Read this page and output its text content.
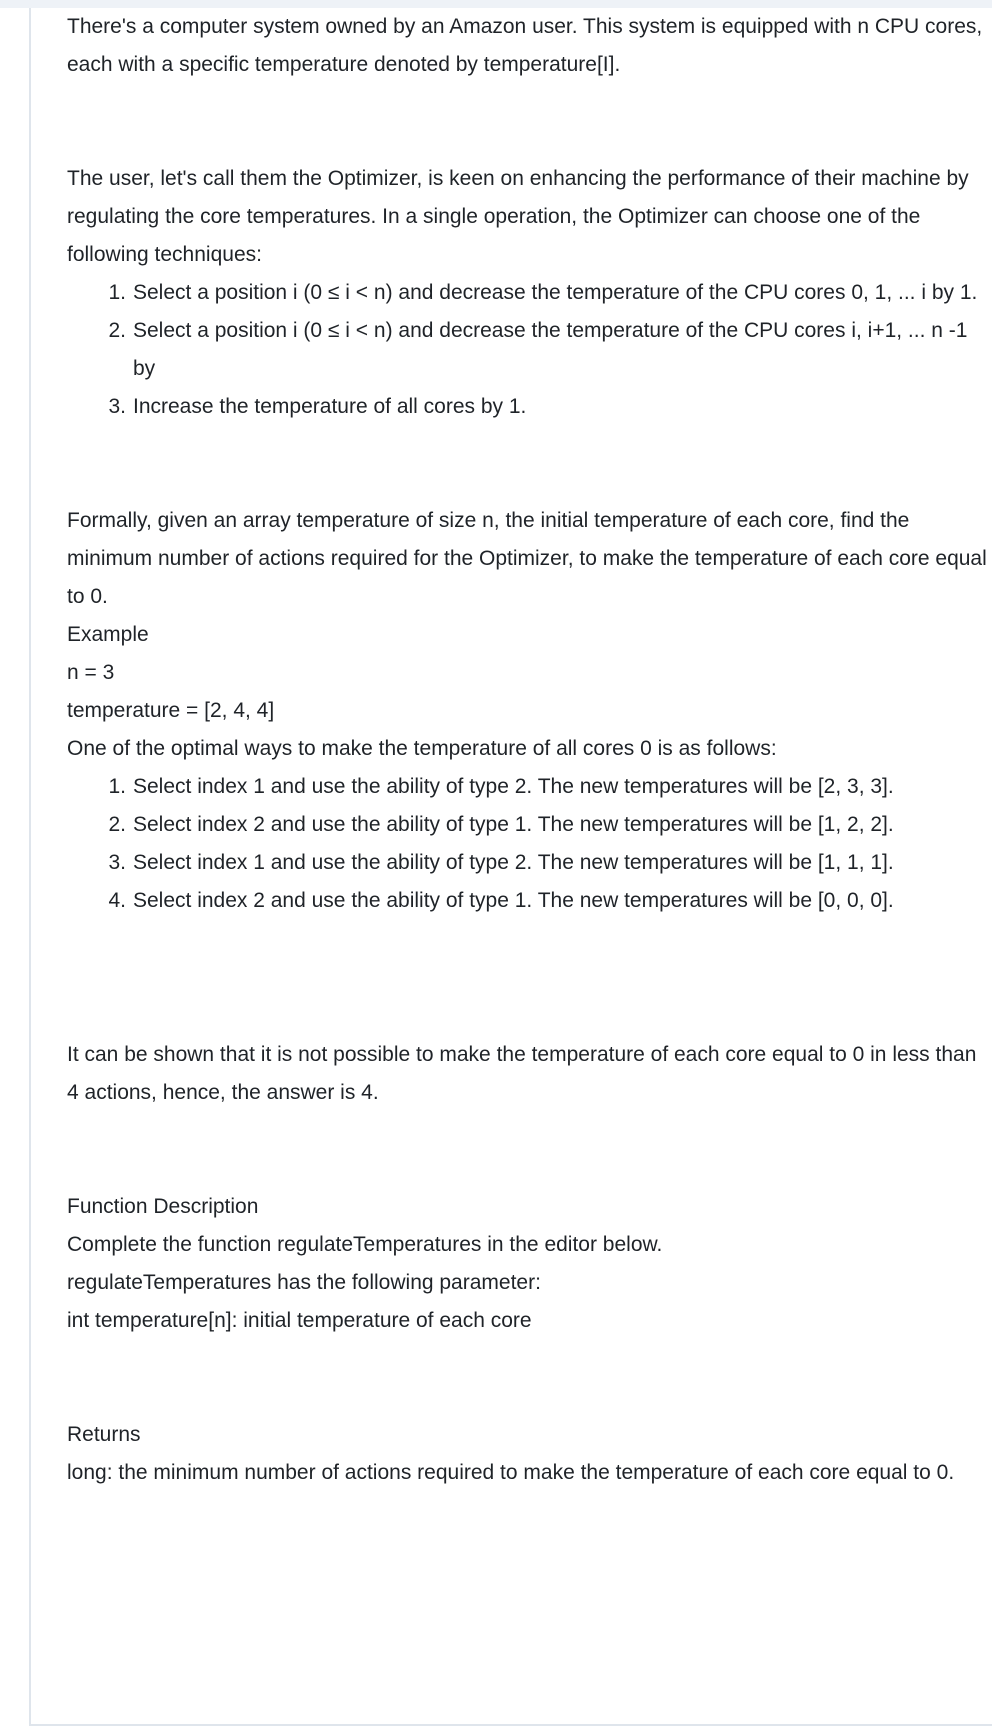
There's a computer system owned by an Amazon user. This system is equipped with n CPU cores, each with a specific temperature denoted by temperature[I].

The user, let's call them the Optimizer, is keen on enhancing the performance of their machine by regulating the core temperatures. In a single operation, the Optimizer can choose one of the following techniques:

Select a position i (0 ≤ i < n) and decrease the temperature of the CPU cores 0, 1, ... i by 1.
Select a position i (0 ≤ i < n) and decrease the temperature of the CPU cores i, i+1, ... n -1 by
Increase the temperature of all cores by 1.

Formally, given an array temperature of size n, the initial temperature of each core, find the minimum number of actions required for the Optimizer, to make the temperature of each core equal to 0.

Example

n = 3

temperature = [2, 4, 4]

One of the optimal ways to make the temperature of all cores 0 is as follows:

Select index 1 and use the ability of type 2. The new temperatures will be [2, 3, 3].
Select index 2 and use the ability of type 1. The new temperatures will be [1, 2, 2].
Select index 1 and use the ability of type 2. The new temperatures will be [1, 1, 1].
Select index 2 and use the ability of type 1. The new temperatures will be [0, 0, 0].

It can be shown that it is not possible to make the temperature of each core equal to 0 in less than 4 actions, hence, the answer is 4.

Function Description

Complete the function regulateTemperatures in the editor below.

regulateTemperatures has the following parameter:

int temperature[n]: initial temperature of each core

Returns

long: the minimum number of actions required to make the temperature of each core equal to 0.
